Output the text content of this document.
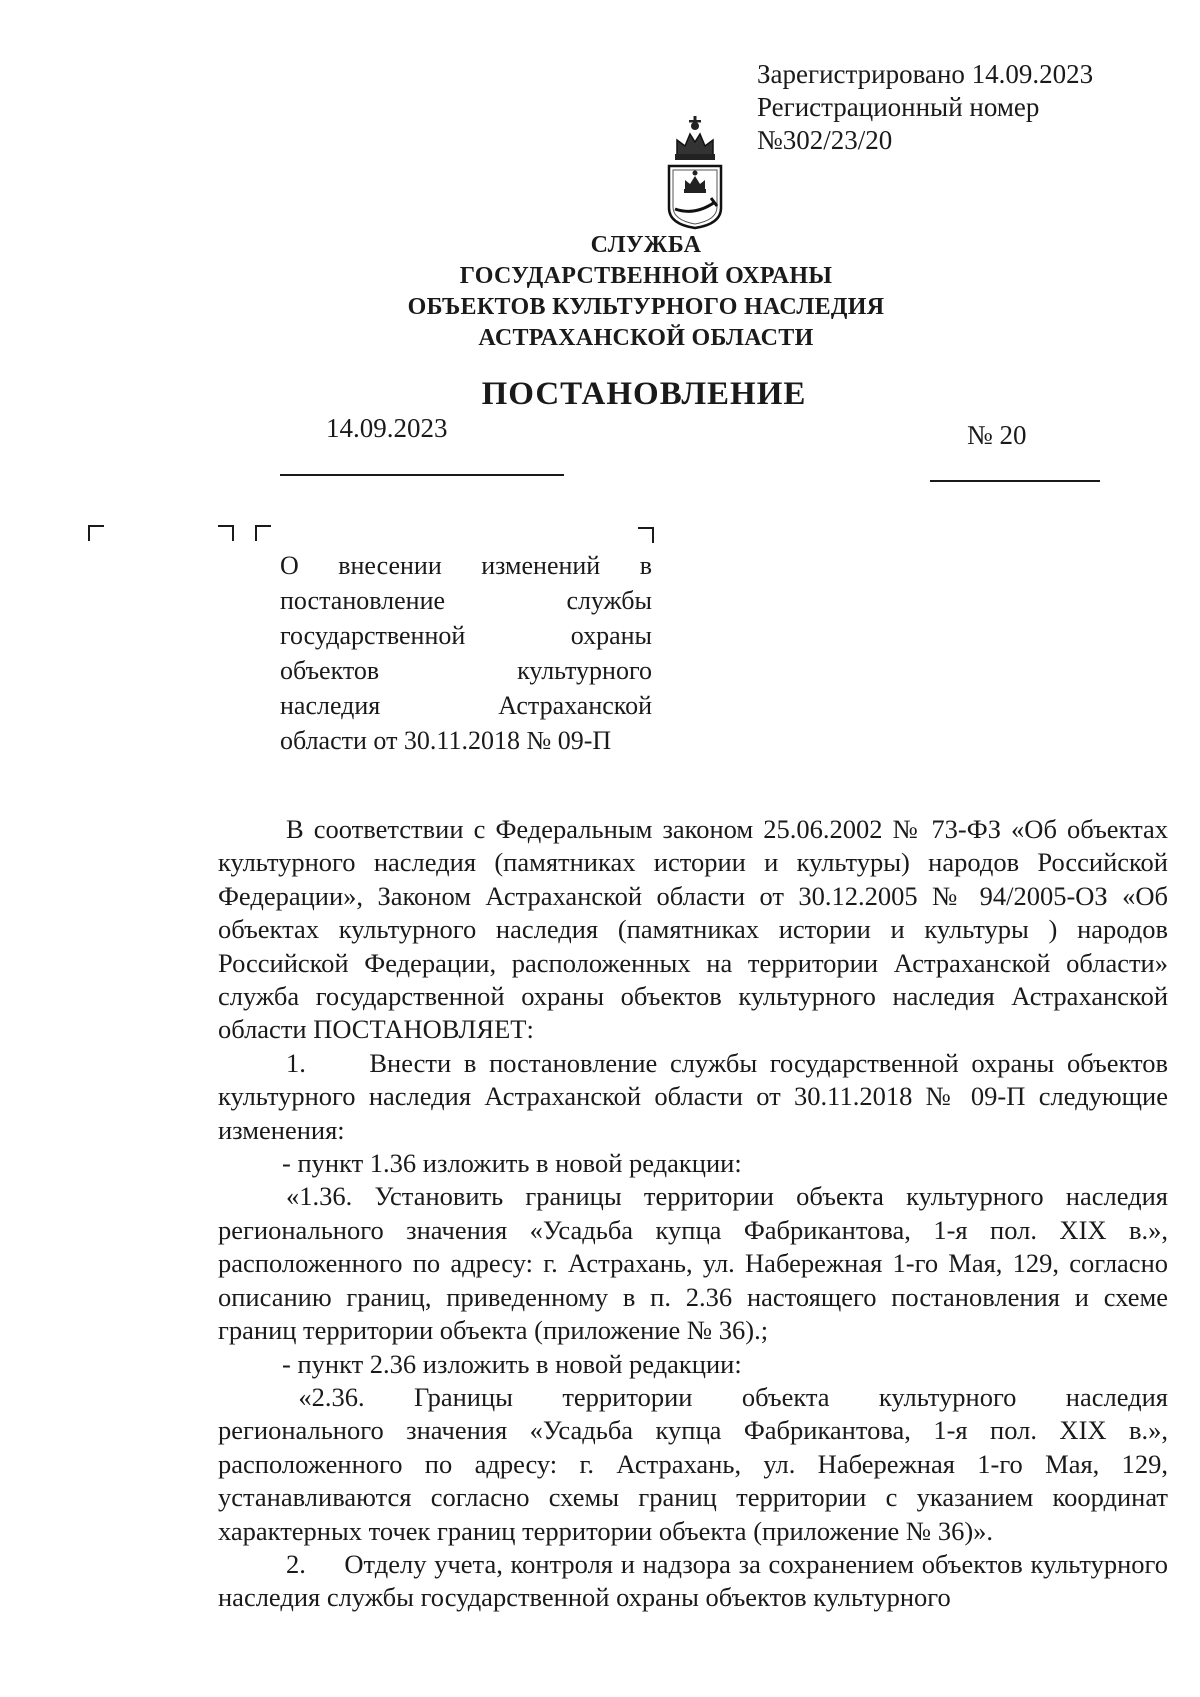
Зарегистрировано 14.09.2023
Регистрационный номер
№302/23/20
СЛУЖБА
ГОСУДАРСТВЕННОЙ ОХРАНЫ
ОБЪЕКТОВ КУЛЬТУРНОГО НАСЛЕДИЯ
АСТРАХАНСКОЙ ОБЛАСТИ
ПОСТАНОВЛЕНИЕ
14.09.2023	№ 20
О внесении изменений в
постановление	службы
государственной	охраны
объектов	культурного
наследия	Астраханской
области от 30.11.2018 № 09-П

В соответствии с Федеральным законом 25.06.2002 № 73-ФЗ «Об объектах культурного наследия (памятниках истории и культуры) народов Российской Федерации», Законом Астраханской области от 30.12.2005 № 94/2005-ОЗ «Об объектах культурного наследия (памятниках истории и культуры ) народов Российской Федерации, расположенных на территории Астраханской области» служба государственной охраны объектов культурного наследия Астраханской области ПОСТАНОВЛЯЕТ:

1.     Внести в постановление службы государственной охраны объектов культурного наследия Астраханской области от 30.11.2018 № 09-П следующие изменения:

- пункт 1.36 изложить в новой редакции:

«1.36. Установить границы территории объекта культурного наследия регионального значения «Усадьба купца Фабрикантова, 1-я пол. XIX в.», расположенного по адресу: г. Астрахань, ул. Набережная 1-го Мая, 129, согласно описанию границ, приведенному в п. 2.36 настоящего постановления и схеме границ территории объекта (приложение № 36).;

- пункт 2.36 изложить в новой редакции:

«2.36.    Границы    территории    объекта    культурного    наследия регионального значения «Усадьба купца Фабрикантова, 1-я пол. XIX в.», расположенного по адресу: г. Астрахань, ул. Набережная 1-го Мая, 129, устанавливаются согласно схемы границ территории с указанием координат характерных точек границ территории объекта (приложение № 36)».

2.     Отделу учета, контроля и надзора за сохранением объектов культурного наследия службы государственной охраны объектов культурного
